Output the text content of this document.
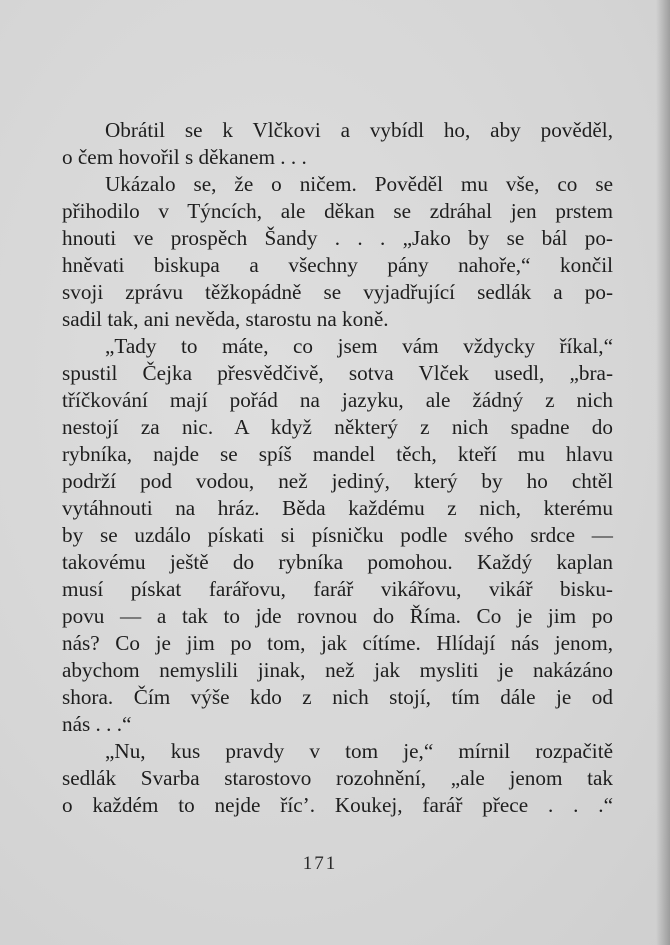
Obrátil se k Vlčkovi a vybídl ho, aby pověděl,
o čem hovořil s děkanem . . .
Ukázalo se, že o ničem. Pověděl mu vše, co se
přihodilo v Týncích, ale děkan se zdráhal jen prstem
hnouti ve prospěch Šandy . . . „Jako by se bál po-
hněvati biskupa a všechny pány nahoře,“ končil
svoji zprávu těžkopádně se vyjadřující sedlák a po-
sadil tak, ani nevěda, starostu na koně.
„Tady to máte, co jsem vám vždycky říkal,“
spustil Čejka přesvědčivě, sotva Vlček usedl, „bra-
tříčkování mají pořád na jazyku, ale žádný z nich
nestojí za nic. A když některý z nich spadne do
rybníka, najde se spíš mandel těch, kteří mu hlavu
podrží pod vodou, než jediný, který by ho chtěl
vytáhnouti na hráz. Běda každému z nich, kterému
by se uzdálo pískati si písničku podle svého srdce —
takovému ještě do rybníka pomohou. Každý kaplan
musí pískat farářovu, farář vikářovu, vikář bisku-
povu — a tak to jde rovnou do Říma. Co je jim po
nás? Co je jim po tom, jak cítíme. Hlídají nás jenom,
abychom nemyslili jinak, než jak mysliti je nakázáno
shora. Čím výše kdo z nich stojí, tím dále je od
nás . . .“
„Nu, kus pravdy v tom je,“ mírnil rozpačitě
sedlák Svarba starostovo rozohnění, „ale jenom tak
o každém to nejde říc’. Koukej, farář přece . . .“
171
